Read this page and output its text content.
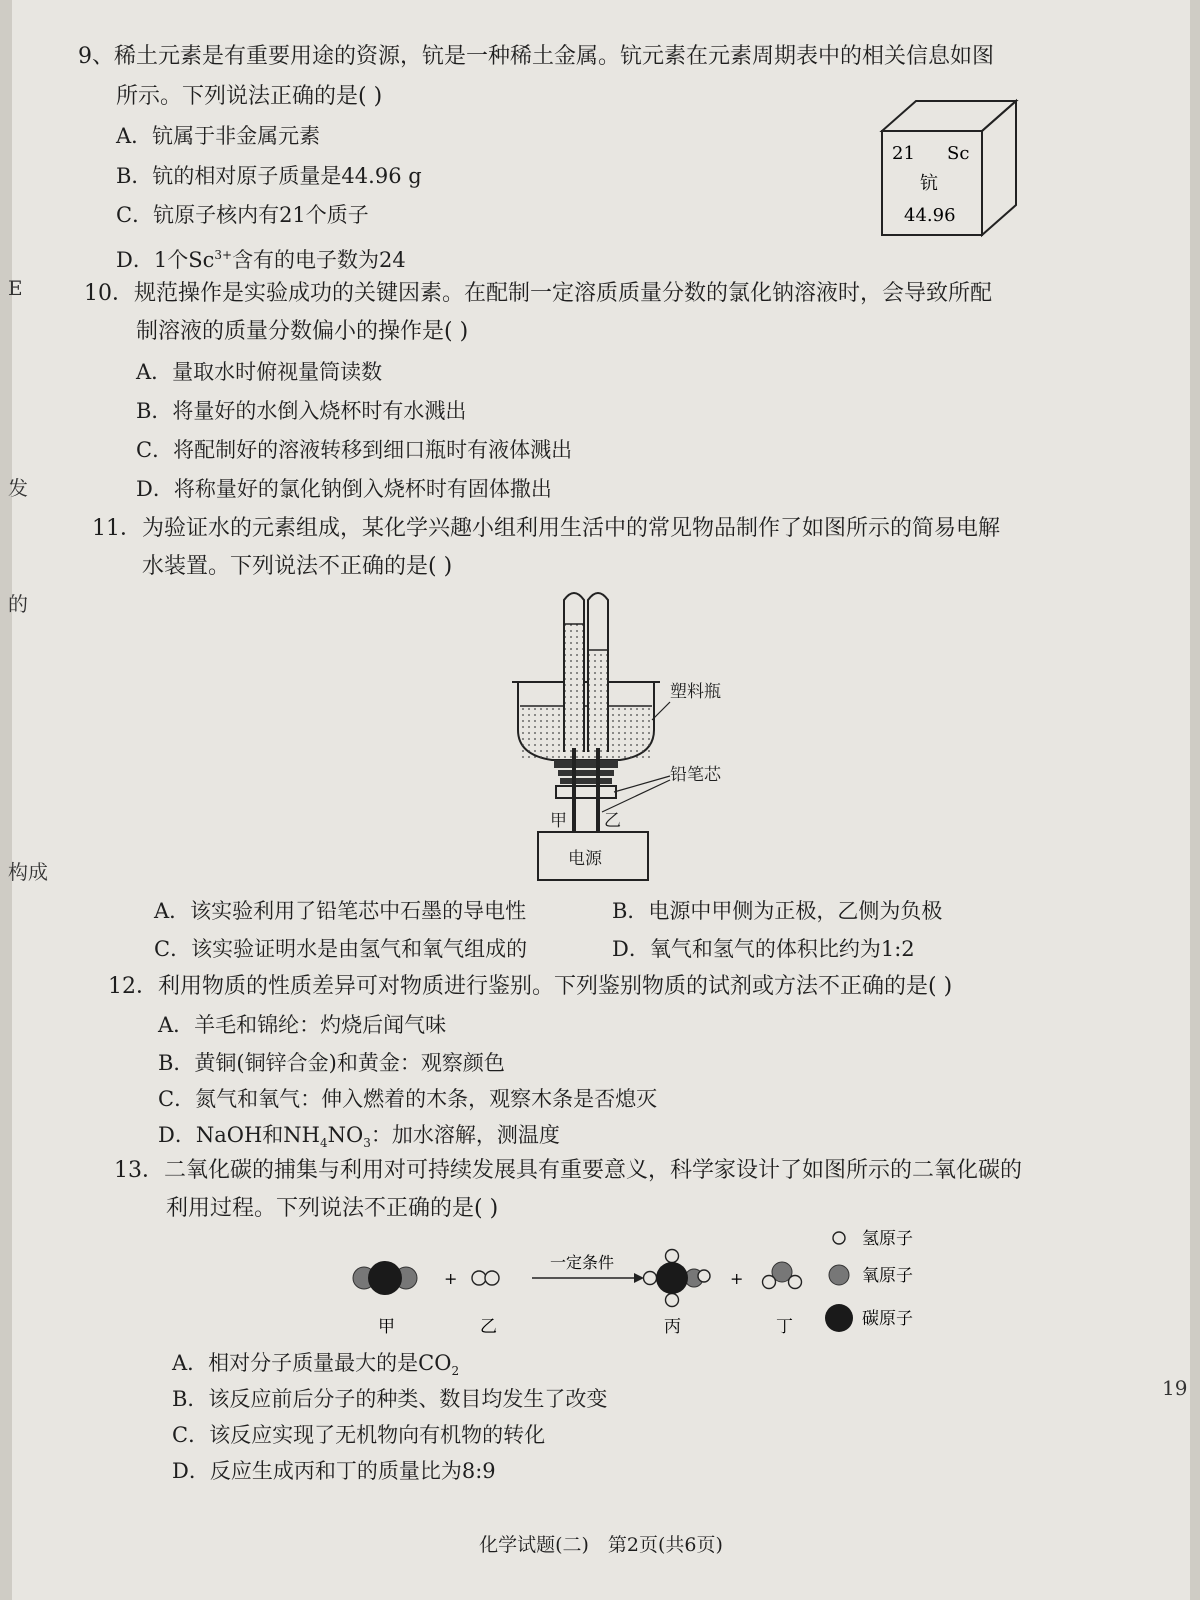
9、稀土元素是有重要用途的资源，钪是一种稀土金属。钪元素在元素周期表中的相关信息如图
所示。下列说法正确的是( )
A．钪属于非金属元素
B．钪的相对原子质量是44.96 g
C．钪原子核内有21个质子
D．1个$Sc^{3+}$含有的电子数为24
21 Sc
钪
44.96
10．规范操作是实验成功的关键因素。在配制一定溶质质量分数的氯化钠溶液时，会导致所配
制溶液的质量分数偏小的操作是( )
A．量取水时俯视量筒读数
B．将量好的水倒入烧杯时有水溅出
C．将配制好的溶液转移到细口瓶时有液体溅出
D．将称量好的氯化钠倒入烧杯时有固体撒出
11．为验证水的元素组成，某化学兴趣小组利用生活中的常见物品制作了如图所示的简易电解
水装置。下列说法不正确的是( )
电源
甲 乙
塑料瓶
铅笔芯
A．该实验利用了铅笔芯中石墨的导电性	B．电源中甲侧为正极，乙侧为负极
C．该实验证明水是由氢气和氧气组成的	D．氧气和氢气的体积比约为1:2
12．利用物质的性质差异可对物质进行鉴别。下列鉴别物质的试剂或方法不正确的是( )
A．羊毛和锦纶：灼烧后闻气味
B．黄铜(铜锌合金)和黄金：观察颜色
C．氮气和氧气：伸入燃着的木条，观察木条是否熄灭
D．NaOH和$NH_4NO_3$：加水溶解，测温度
13．二氧化碳的捕集与利用对可持续发展具有重要意义，科学家设计了如图所示的二氧化碳的
利用过程。下列说法不正确的是( )
+
一定条件
+
甲	乙	丙	丁
氢原子
氧原子
碳原子
A．相对分子质量最大的是$CO_2$
B．该反应前后分子的种类、数目均发生了改变
C．该反应实现了无机物向有机物的转化
D．反应生成丙和丁的质量比为8:9
E
发
的
构成
19
化学试题(二)　第2页(共6页)
